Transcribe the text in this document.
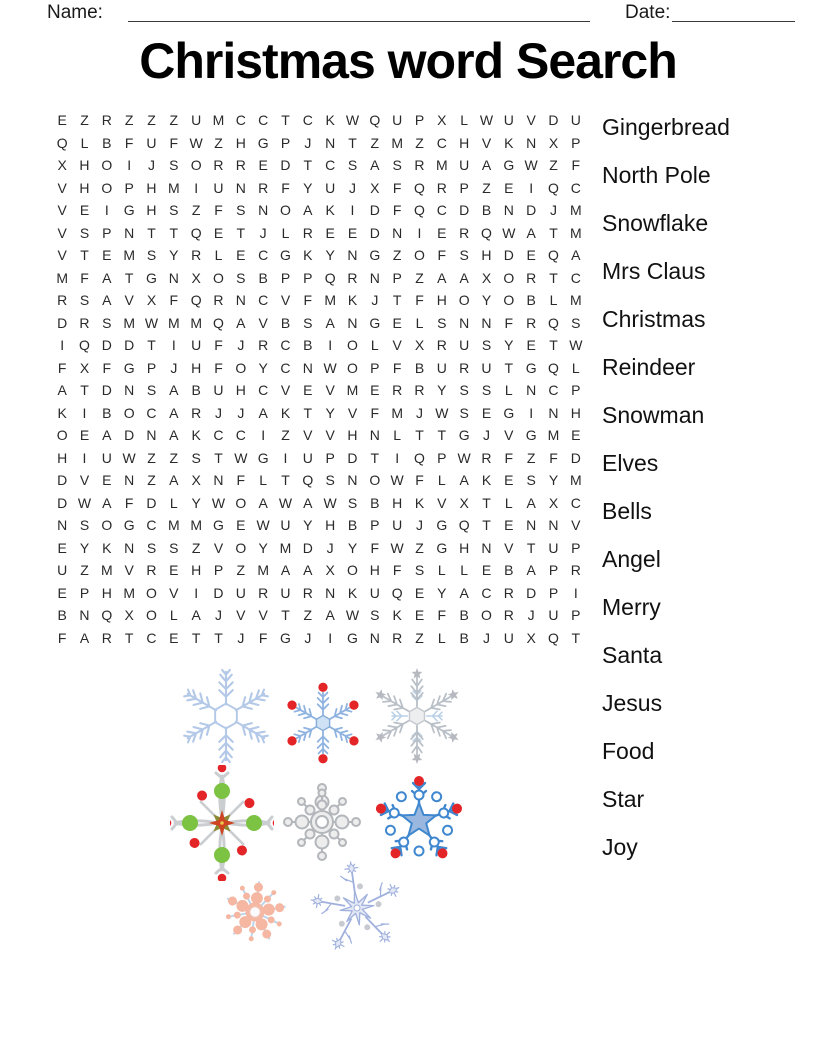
Name:	Date:
Christmas word Search
E Z R Z Z Z U M C C T C K W Q U P X L W U V D U
Q L B F U F W Z H G P	J N T Z M Z C H V K N X P
X H O	I	J	S O R R E D T C S A S R M U A G W Z F
V H O P H M	I	U N R F Y U J	X F Q R P Z E	I	Q C
V E	I	G H S Z F S N O A K	I	D F Q C D B N D J M
V S P N T T Q E T	J	L R E E D N	I	E R Q W A T M
V T E M S Y R L E C G K Y N G Z O F S H D E Q A
M F A T G N X O S B P P Q R N P Z A A X O R T C
R S A V X F Q R N C V F M K	J	T F H O Y O B L M
D R S M W M M Q A V B S A N G E L S N N F R Q S
I	Q D D T	I	U F	J R C B	I	O L V X R U S Y E T W
F X F G P	J H F O Y C N W O P F B U R U T G Q L
A T D N S A B U H C V E V M E R R Y S S L N C P
K	I	B O C A R J	J	A K T Y V F M J W S E G	I	N H
O E A D N A K C C	I	Z V V H N L	T T G J	V G M E
H	I	U W Z Z S T W G	I	U P D T	I	Q P W R F Z F D
D V E N Z A X N F	L	T Q S N O W F	L A K E S Y M
D W A F D L Y W O A W A W S B H K V X T	L A X C
N S O G C M M G E W U Y H B P U J G Q T E N N V
E Y K N S S Z V O Y M D J	Y F W Z G H N V T U P
U Z M V R E H P Z M A A X O H F S L	L E B A P R
E P H M O V	I	D U R U R N K U Q E Y A C R D P	I
B N Q X O L A	J	V V T Z A W S K E F B O R J U P
F A R T C E T T	J	F G J	I	G N R Z	L B	J U X Q T
Gingerbread
North Pole
Snowflake
Mrs Claus
Christmas
Reindeer
Snowman
Elves
Bells
Angel
Merry
Santa
Jesus
Food
Star
Joy
